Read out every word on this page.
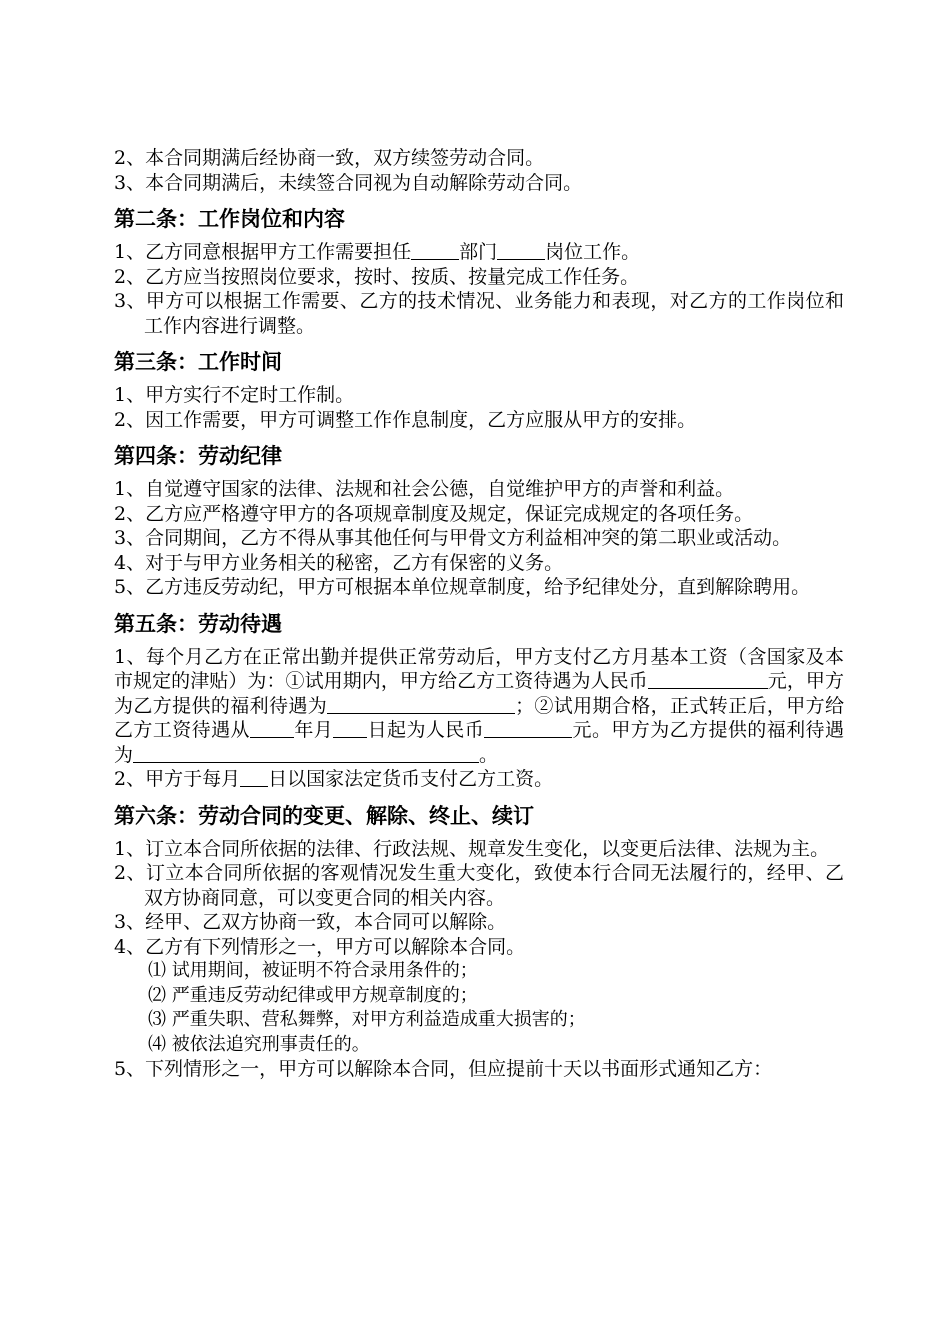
2、本合同期满后经协商一致，双方续签劳动合同。

3、本合同期满后，未续签合同视为自动解除劳动合同。

第二条：工作岗位和内容

1、乙方同意根据甲方工作需要担任	部门	岗位工作。

2、乙方应当按照岗位要求，按时、按质、按量完成工作任务。

3、甲方可以根据工作需要、乙方的技术情况、业务能力和表现，对乙方的工作岗位和工作内容进行调整。

第三条：工作时间

1、甲方实行不定时工作制。

2、因工作需要，甲方可调整工作作息制度，乙方应服从甲方的安排。

第四条：劳动纪律

1、自觉遵守国家的法律、法规和社会公德，自觉维护甲方的声誉和利益。

2、乙方应严格遵守甲方的各项规章制度及规定，保证完成规定的各项任务。

3、合同期间，乙方不得从事其他任何与甲骨文方利益相冲突的第二职业或活动。

4、对于与甲方业务相关的秘密，乙方有保密的义务。

5、乙方违反劳动纪，甲方可根据本单位规章制度，给予纪律处分，直到解除聘用。

第五条：劳动待遇

1、每个月乙方在正常出勤并提供正常劳动后，甲方支付乙方月基本工资（含国家及本市规定的津贴）为：①试用期内，甲方给乙方工资待遇为人民币	元，甲方为乙方提供的福利待遇为	；②试用期合格，正式转正后，甲方给乙方工资待遇从 年月 日起为人民币	元。甲方为乙方提供的福利待遇为	。

2、甲方于每月 日以国家法定货币支付乙方工资。

第六条：劳动合同的变更、解除、终止、续订

1、订立本合同所依据的法律、行政法规、规章发生变化，以变更后法律、法规为主。

2、订立本合同所依据的客观情况发生重大变化，致使本行合同无法履行的，经甲、乙双方协商同意，可以变更合同的相关内容。

3、经甲、乙双方协商一致，本合同可以解除。

4、乙方有下列情形之一，甲方可以解除本合同。

⑴ 试用期间，被证明不符合录用条件的；

⑵ 严重违反劳动纪律或甲方规章制度的；

⑶ 严重失职、营私舞弊，对甲方利益造成重大损害的；

⑷ 被依法追究刑事责任的。

5、下列情形之一，甲方可以解除本合同，但应提前十天以书面形式通知乙方：
